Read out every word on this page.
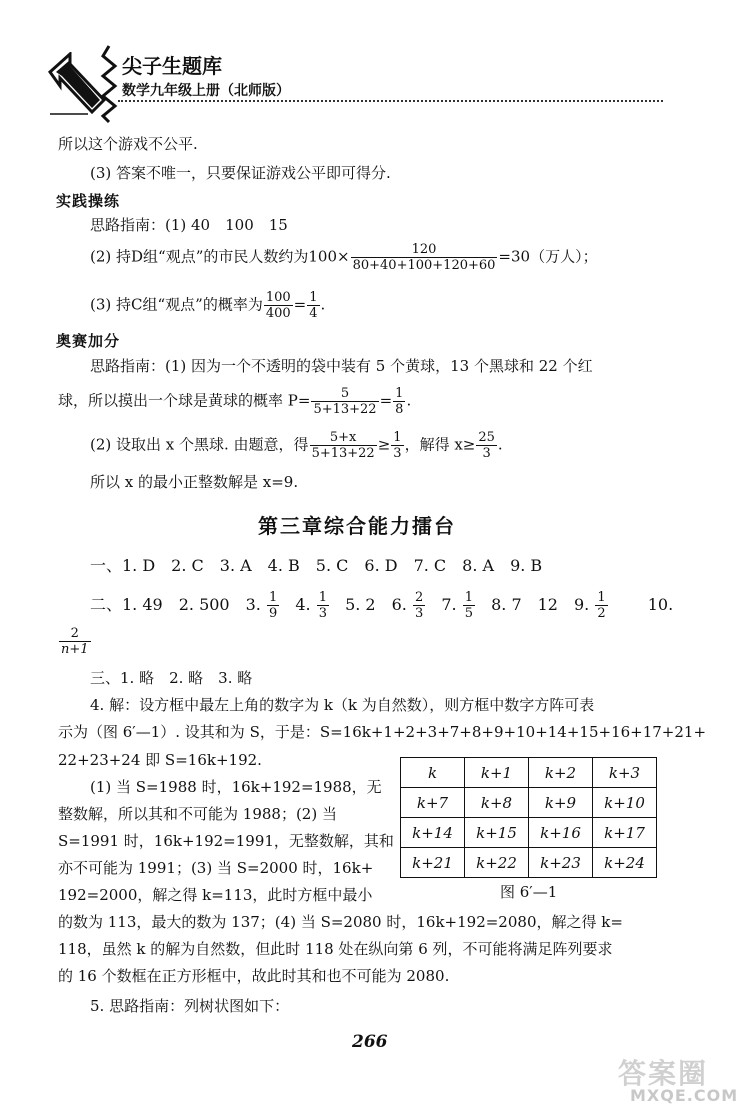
尖子生题库
数学九年级上册（北师版）
所以这个游戏不公平.
(3) 答案不唯一，只要保证游戏公平即可得分.
实践操练
思路指南：(1) 40　100　15
(2) 持D组“观点”的市民人数约为$100\times \frac{120}{80+40+100+120+60} =30$（万人）；
(3) 持C组“观点”的概率为 $\frac{100}{400} = \frac{1}{4}$ .
奥赛加分
思路指南：(1) 因为一个不透明的袋中装有 5 个黄球，13 个黑球和 22 个红
球，所以摸出一个球是黄球的概率 $P= \frac{5}{5+13+22} = \frac{1}{8}$ .
(2) 设取出 x 个黑球. 由题意，得 $\frac{5+x}{5+13+22} \ge \frac{1}{3}$ ，解得 $x\ge \frac{25}{3}$ .
所以 x 的最小正整数解是 x=9.
第三章综合能力擂台
一、1. D　2. C　3. A　4. B　5. C　6. D　7. C　8. A　9. B
二、1. 49　2. 500　3. $\frac{1}{9} 4$. $\frac{1}{3} 5$. 2　6. $\frac{2}{3} 7$. $\frac{1}{5} 8$. 7　12　9. $\frac{1}{2}$	10.
$\frac{2}{n+1}$
三、1. 略　2. 略　3. 略
4. 解：设方框中最左上角的数字为 k（k 为自然数），则方框中数字方阵可表
示为（图 6′—1）. 设其和为 S，于是：S=16k+1+2+3+7+8+9+10+14+15+16+17+21+
22+23+24 即 S=16k+192.
(1) 当 S=1988 时，16k+192=1988，无
整数解，所以其和不可能为 1988；(2) 当
S=1991 时，16k+192=1991，无整数解，其和
亦不可能为 1991；(3) 当 S=2000 时，16k+
192=2000，解之得 k=113，此时方框中最小
的数为 113，最大的数为 137；(4) 当 S=2080 时，16k+192=2080，解之得 k=
118，虽然 k 的解为自然数，但此时 118 处在纵向第 6 列，不可能将满足阵列要求
的 16 个数框在正方形框中，故此时其和也不可能为 2080.
k	k+1	k+2	k+3
k+7	k+8	k+9	k+10
k+14	k+15	k+16	k+17
k+21	k+22	k+23	k+24
图 6′—1
5. 思路指南：列树状图如下：
266
答案圈
MXQE.COM
